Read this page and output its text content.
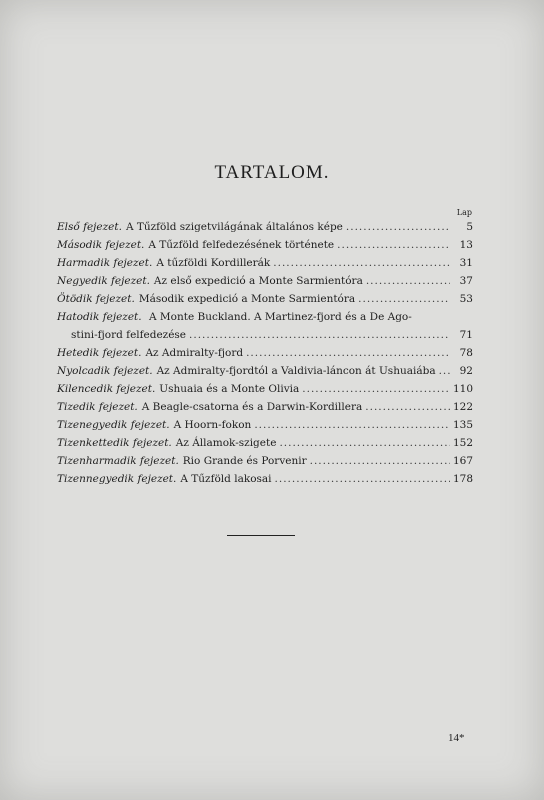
TARTALOM.
Lap
Első fejezet. A Tűzföld szigetvilágának általános képe .....	5
Második fejezet. A Tűzföld felfedezésének története .....	13
Harmadik fejezet. A tűzföldi Kordillerák .....	31
Negyedik fejezet. Az első expedició a Monte Sarmientóra .....	37
Ötödik fejezet. Második expedició a Monte Sarmientóra .....	53
Hatodik fejezet. A Monte Buckland. A Martinez-fjord és a De Ago-
stini-fjord felfedezése .....	71
Hetedik fejezet. Az Admiralty-fjord .....	78
Nyolcadik fejezet. Az Admiralty-fjordtól a Valdivia-láncon át Ushuaiába .....	92
Kilencedik fejezet. Ushuaia és a Monte Olivia .....	110
Tizedik fejezet. A Beagle-csatorna és a Darwin-Kordillera .....	122
Tizenegyedik fejezet. A Hoorn-fokon .....	135
Tizenkettedik fejezet. Az Államok-szigete .....	152
Tizenharmadik fejezet. Rio Grande és Porvenir .....	167
Tizennegyedik fejezet. A Tűzföld lakosai .....	178
14*
